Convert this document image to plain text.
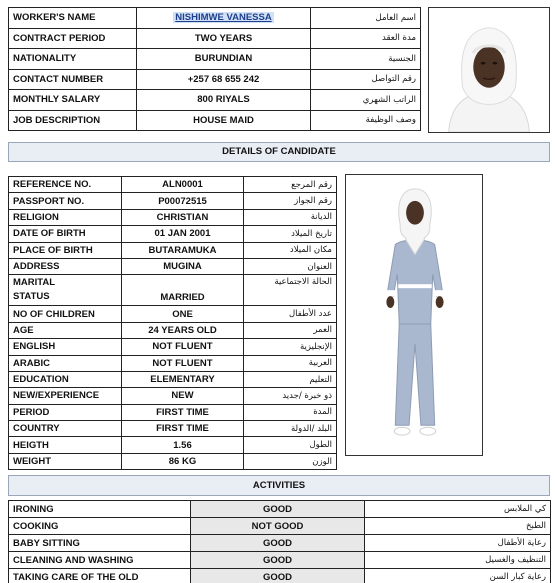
WORKER'S NAME	NISHIMWE VANESSA	اسم العامل
CONTRACT PERIOD	TWO YEARS	مدة العقد
NATIONALITY	BURUNDIAN	الجنسية
CONTACT NUMBER	+257 68 655 242	رقم التواصل
MONTHLY SALARY	800 RIYALS	الراتب الشهري
JOB DESCRIPTION	HOUSE MAID	وصف الوظيفة
DETAILS OF CANDIDATE
REFERENCE NO.	ALN0001	رقم المرجع
PASSPORT NO.	P00072515	رقم الجواز
RELIGION	CHRISTIAN	الديانة
DATE OF BIRTH	01 JAN 2001	تاريخ الميلاد
PLACE OF BIRTH	BUTARAMUKA	مكان الميلاد
ADDRESS	MUGINA	العنوان
MARITAL
STATUS	MARRIED	الحالة الاجتماعية
NO OF CHILDREN	ONE	عدد الأطفال
AGE	24 YEARS OLD	العمر
ENGLISH	NOT FLUENT	الإنجليزية
ARABIC	NOT FLUENT	العربية
EDUCATION	ELEMENTARY	التعليم
NEW/EXPERIENCE	NEW	ذو خبرة /جديد
PERIOD	FIRST TIME	المدة
COUNTRY	FIRST TIME	البلد /الدولة
HEIGTH	1.56	الطول
WEIGHT	86 KG	الوزن
ACTIVITIES
IRONING	GOOD	كي الملابس
COOKING	NOT GOOD	الطبخ
BABY SITTING	GOOD	رعاية الأطفال
CLEANING AND WASHING	GOOD	التنظيف والغسيل
TAKING CARE OF THE OLD	GOOD	رعاية كبار السن
